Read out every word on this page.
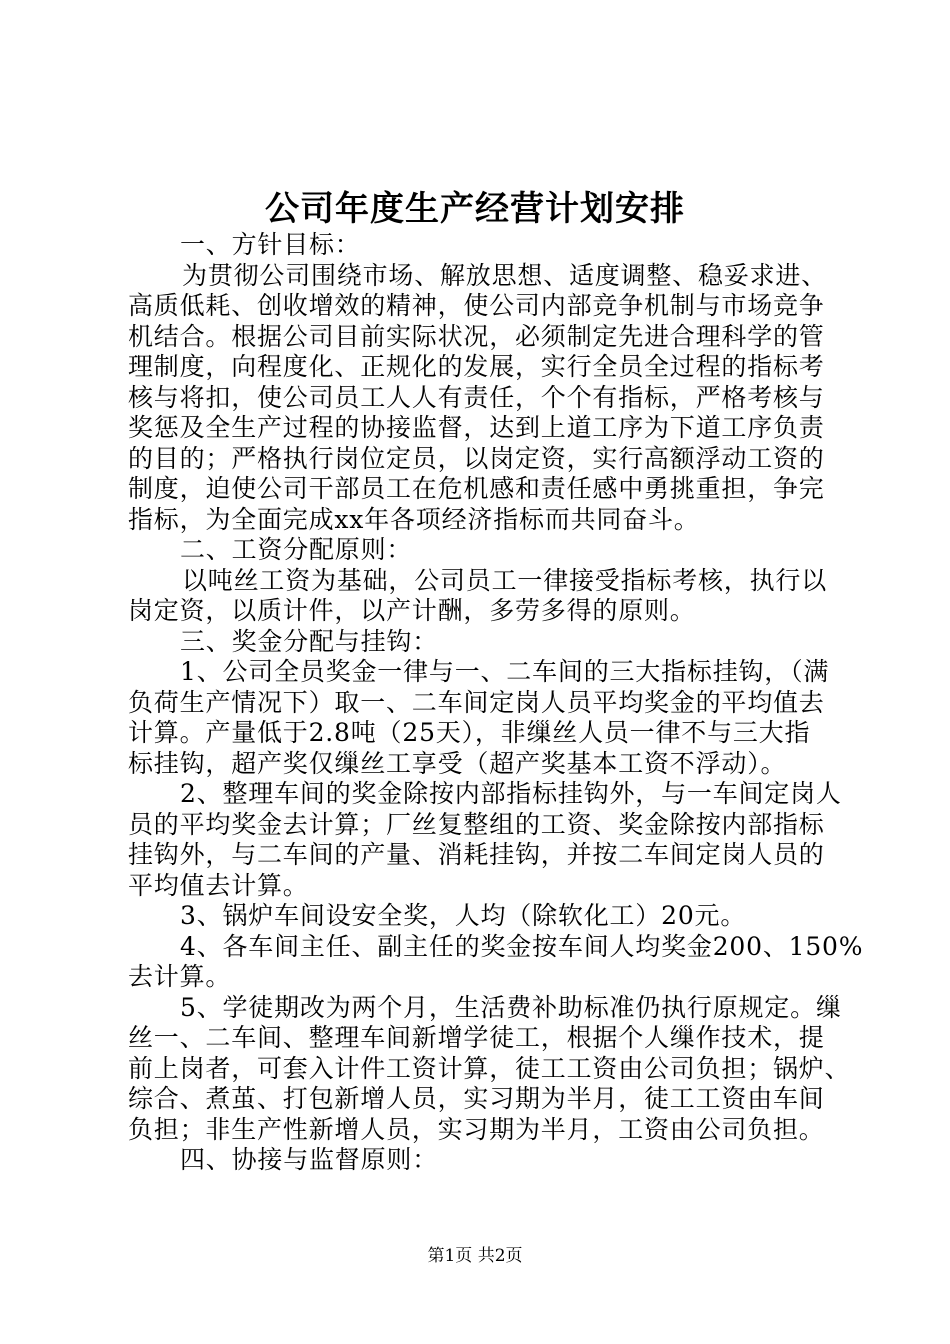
公司年度生产经营计划安排
一、方针目标：
为贯彻公司围绕市场、解放思想、适度调整、稳妥求进、
高质低耗、创收增效的精神，使公司内部竞争机制与市场竞争
机结合。根据公司目前实际状况，必须制定先进合理科学的管
理制度，向程度化、正规化的发展，实行全员全过程的指标考
核与将扣，使公司员工人人有责任，个个有指标，严格考核与
奖惩及全生产过程的协接监督，达到上道工序为下道工序负责
的目的；严格执行岗位定员，以岗定资，实行高额浮动工资的
制度，迫使公司干部员工在危机感和责任感中勇挑重担，争完
指标，为全面完成xx年各项经济指标而共同奋斗。
二、工资分配原则：
以吨丝工资为基础，公司员工一律接受指标考核，执行以
岗定资，以质计件，以产计酬，多劳多得的原则。
三、奖金分配与挂钩：
1、公司全员奖金一律与一、二车间的三大指标挂钩，（满
负荷生产情况下）取一、二车间定岗人员平均奖金的平均值去
计算。产量低于2.8吨（25天），非缫丝人员一律不与三大指
标挂钩，超产奖仅缫丝工享受（超产奖基本工资不浮动）。
2、整理车间的奖金除按内部指标挂钩外，与一车间定岗人
员的平均奖金去计算；厂丝复整组的工资、奖金除按内部指标
挂钩外，与二车间的产量、消耗挂钩，并按二车间定岗人员的
平均值去计算。
3、锅炉车间设安全奖，人均（除软化工）20元。
4、各车间主任、副主任的奖金按车间人均奖金200、150%
去计算。
5、学徒期改为两个月，生活费补助标准仍执行原规定。缫
丝一、二车间、整理车间新增学徒工，根据个人缫作技术，提
前上岗者，可套入计件工资计算，徒工工资由公司负担；锅炉、
综合、煮茧、打包新增人员，实习期为半月，徒工工资由车间
负担；非生产性新增人员，实习期为半月，工资由公司负担。
四、协接与监督原则：
第1页 共2页
